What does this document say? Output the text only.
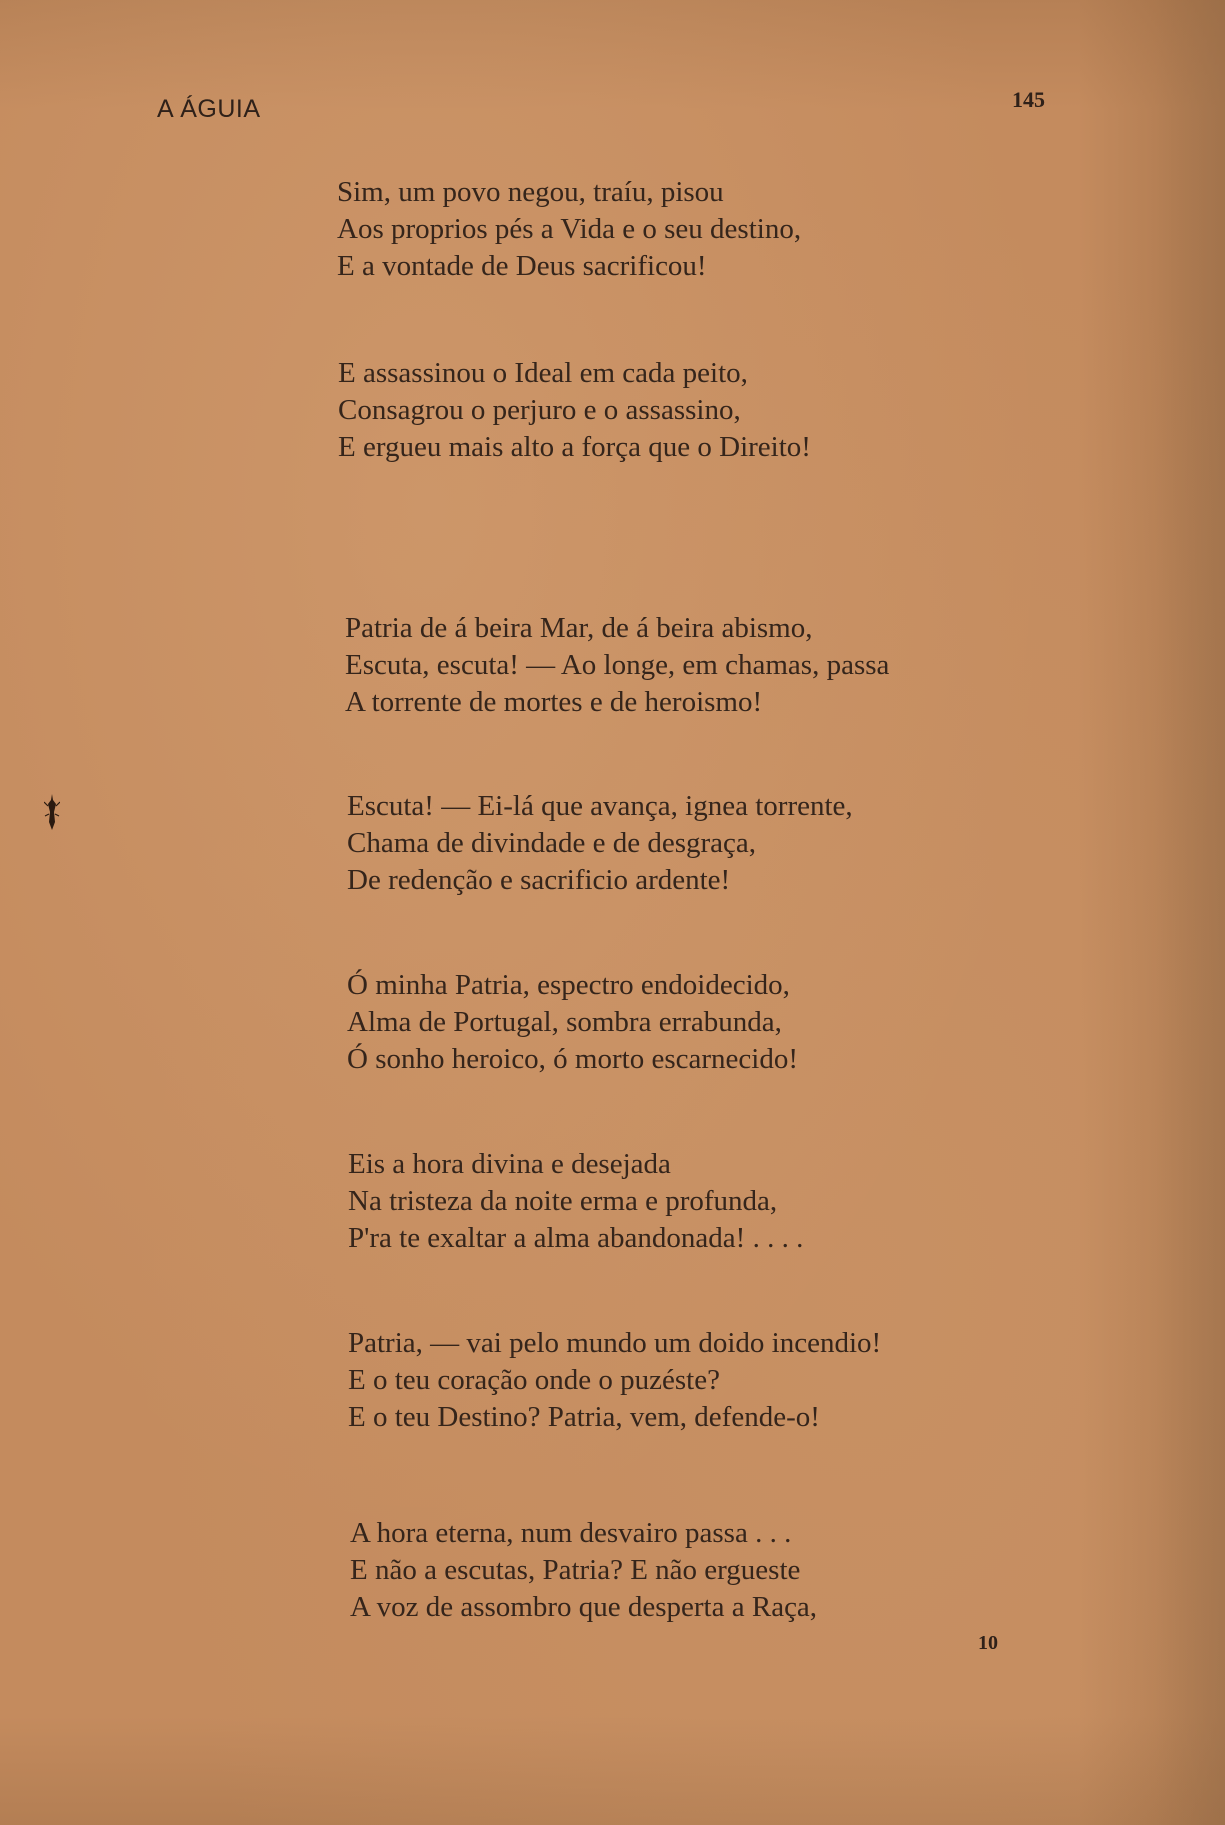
A ÁGUIA	145
Sim, um povo negou, traíu, pisou
Aos proprios pés a Vida e o seu destino,
E a vontade de Deus sacrificou!
E assassinou o Ideal em cada peito,
Consagrou o perjuro e o assassino,
E ergueu mais alto a força que o Direito!
Patria de á beira Mar, de á beira abismo,
Escuta, escuta! — Ao longe, em chamas, passa
A torrente de mortes e de heroismo!
Escuta! — Ei-lá que avança, ignea torrente,
Chama de divindade e de desgraça,
De redenção e sacrificio ardente!
Ó minha Patria, espectro endoidecido,
Alma de Portugal, sombra errabunda,
Ó sonho heroico, ó morto escarnecido!
Eis a hora divina e desejada
Na tristeza da noite erma e profunda,
P'ra te exaltar a alma abandonada! . . . .
Patria, — vai pelo mundo um doido incendio!
E o teu coração onde o puzéste?
E o teu Destino? Patria, vem, defende-o!
A hora eterna, num desvairo passa . . .
E não a escutas, Patria? E não ergueste
A voz de assombro que desperta a Raça,
10
